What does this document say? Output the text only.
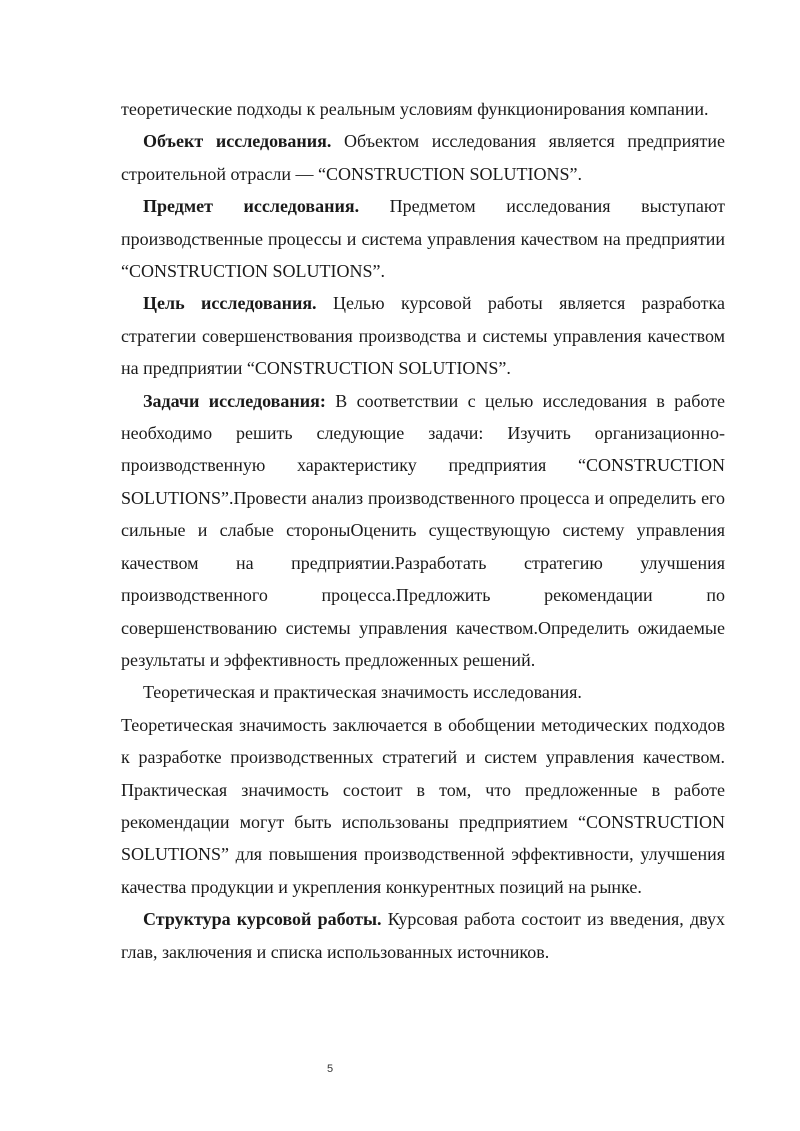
теоретические подходы к реальным условиям функционирования компании.

Объект исследования. Объектом исследования является предприятие строительной отрасли — “CONSTRUCTION SOLUTIONS”.

Предмет исследования. Предметом исследования выступают производственные процессы и система управления качеством на предприятии “CONSTRUCTION SOLUTIONS”.

Цель исследования. Целью курсовой работы является разработка стратегии совершенствования производства и системы управления качеством на предприятии “CONSTRUCTION SOLUTIONS”.

Задачи исследования: В соответствии с целью исследования в работе необходимо решить следующие задачи: Изучить организационно-производственную характеристику предприятия “CONSTRUCTION SOLUTIONS”.Провести анализ производственного процесса и определить его сильные и слабые стороныОценить существующую систему управления качеством на предприятии.Разработать стратегию улучшения производственного процесса.Предложить рекомендации по совершенствованию системы управления качеством.Определить ожидаемые результаты и эффективность предложенных решений.

Теоретическая и практическая значимость исследования.

Теоретическая значимость заключается в обобщении методических подходов к разработке производственных стратегий и систем управления качеством. Практическая значимость состоит в том, что предложенные в работе рекомендации могут быть использованы предприятием “CONSTRUCTION SOLUTIONS” для повышения производственной эффективности, улучшения качества продукции и укрепления конкурентных позиций на рынке.

Структура курсовой работы. Курсовая работа состоит из введения, двух глав, заключения и списка использованных источников.

5
